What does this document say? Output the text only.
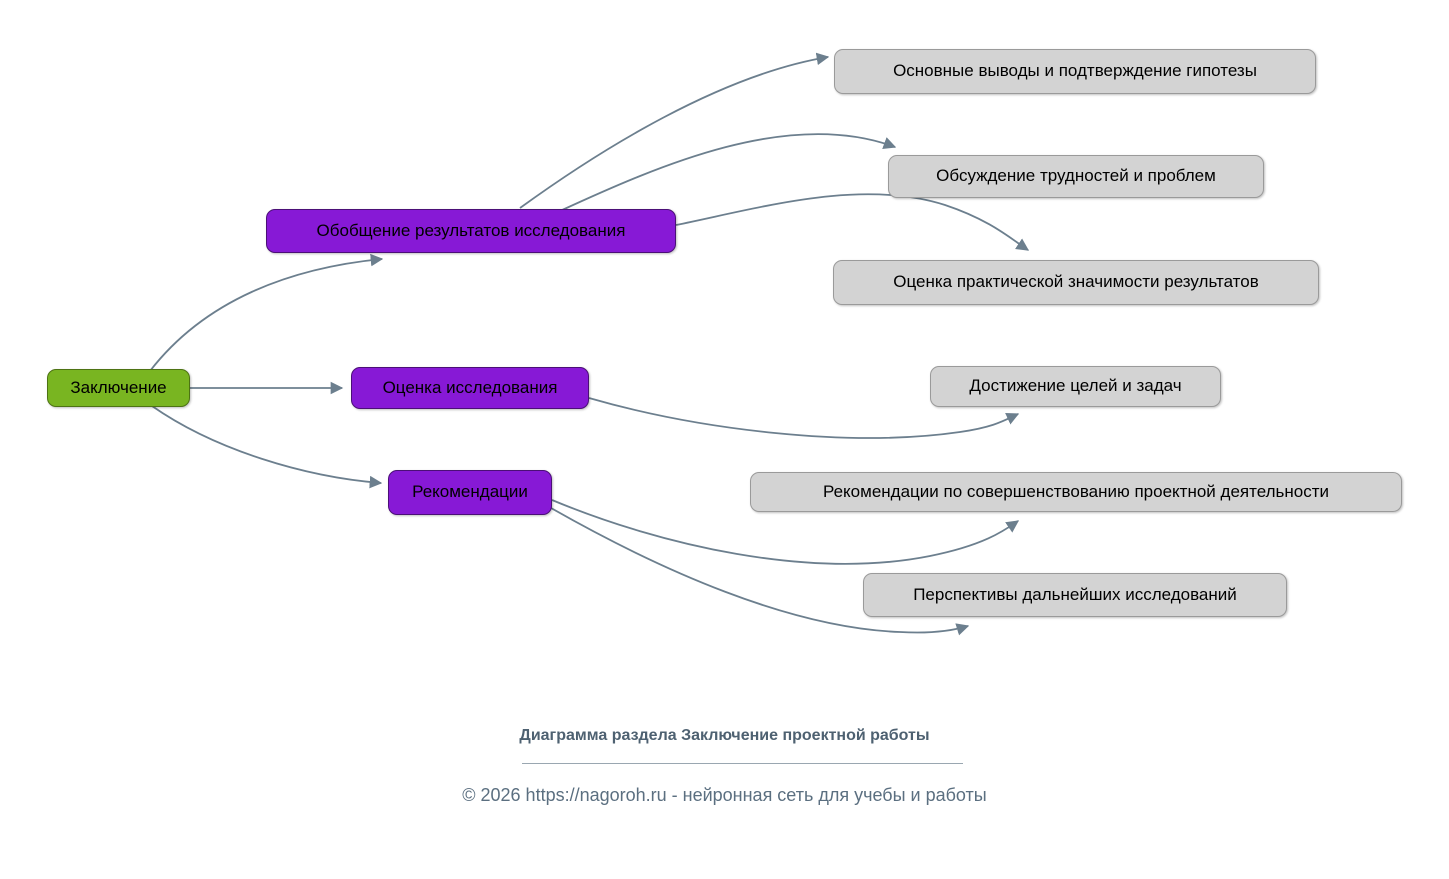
Заключение
Обобщение результатов исследования
Оценка исследования
Рекомендации
Основные выводы и подтверждение гипотезы
Обсуждение трудностей и проблем
Оценка практической значимости результатов
Достижение целей и задач
Рекомендации по совершенствованию проектной деятельности
Перспективы дальнейших исследований
Диаграмма раздела Заключение проектной работы
© 2026 https://nagoroh.ru - нейронная сеть для учебы и работы
